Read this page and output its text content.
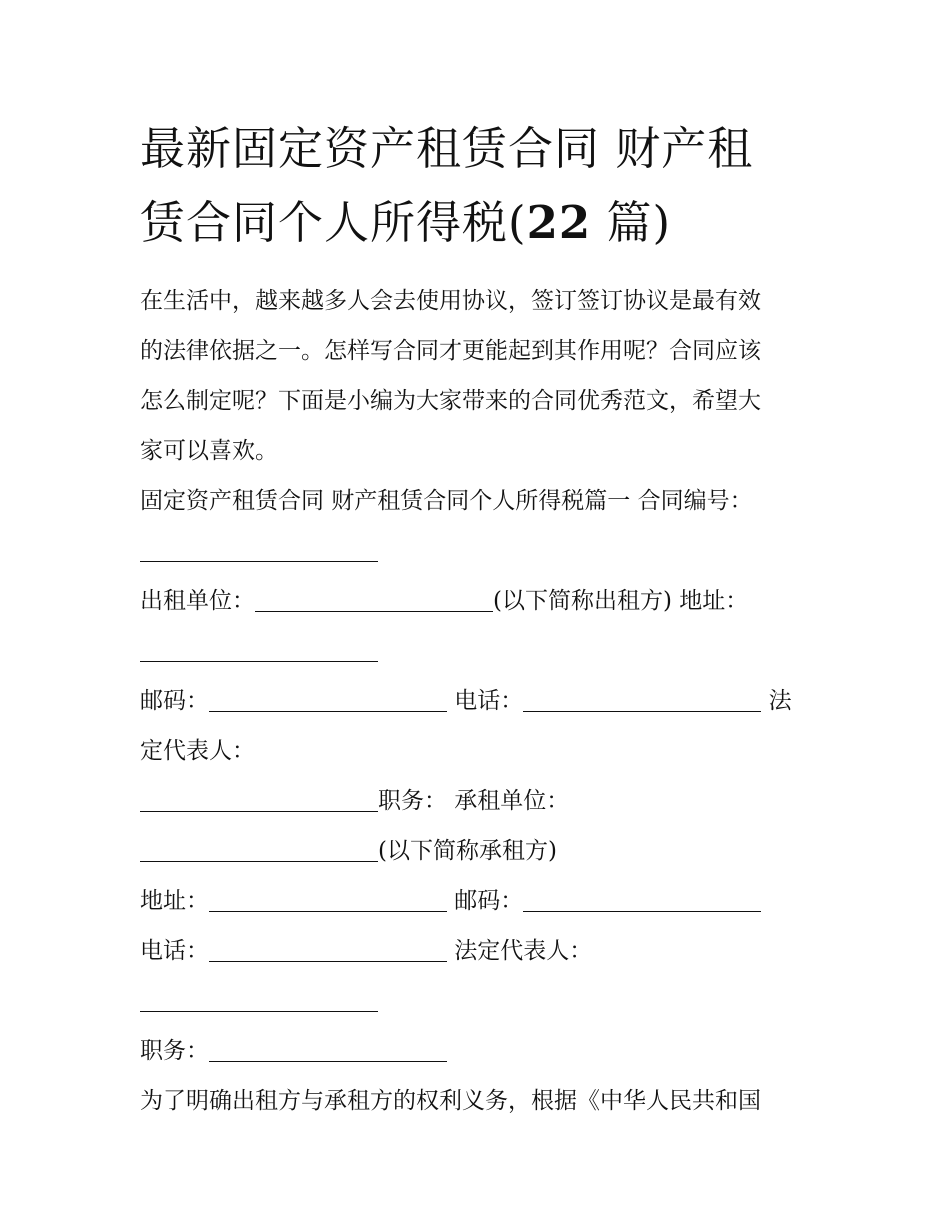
最新固定资产租赁合同 财产租
赁合同个人所得税(22 篇)
在生活中，越来越多人会去使用协议，签订签订协议是最有效
的法律依据之一。怎样写合同才更能起到其作用呢？合同应该
怎么制定呢？下面是小编为大家带来的合同优秀范文，希望大
家可以喜欢。
固定资产租赁合同 财产租赁合同个人所得税篇一 合同编号：
出租单位：	(以下简称出租方) 地址：
邮码：	电话：	法
定代表人：
职务： 承租单位：
(以下简称承租方)
地址：	邮码：
电话：	法定代表人：
职务：
为了明确出租方与承租方的权利义务，根据《中华人民共和国
